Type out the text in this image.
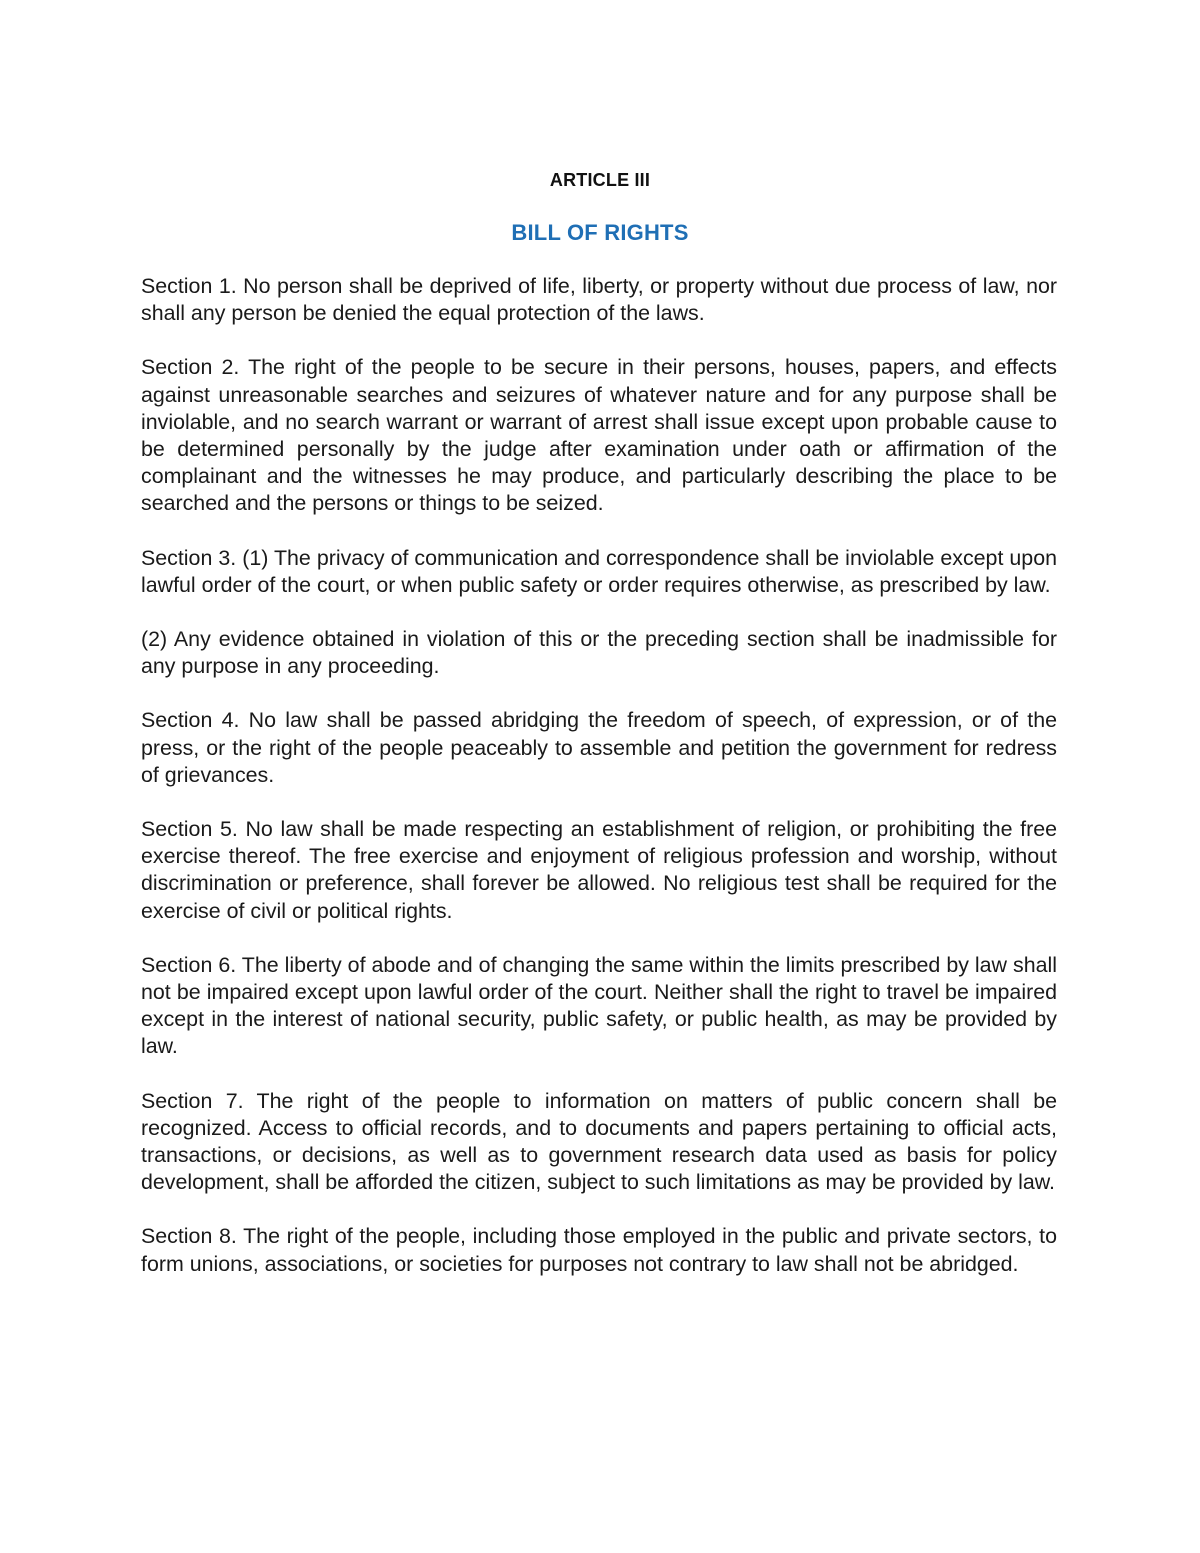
ARTICLE III
BILL OF RIGHTS

Section 1. No person shall be deprived of life, liberty, or property without due process of law, nor shall any person be denied the equal protection of the laws.

Section 2. The right of the people to be secure in their persons, houses, papers, and effects against unreasonable searches and seizures of whatever nature and for any purpose shall be inviolable, and no search warrant or warrant of arrest shall issue except upon probable cause to be determined personally by the judge after examination under oath or affirmation of the complainant and the witnesses he may produce, and particularly describing the place to be searched and the persons or things to be seized.

Section 3. (1) The privacy of communication and correspondence shall be inviolable except upon lawful order of the court, or when public safety or order requires otherwise, as prescribed by law.

(2) Any evidence obtained in violation of this or the preceding section shall be inadmissible for any purpose in any proceeding.

Section 4. No law shall be passed abridging the freedom of speech, of expression, or of the press, or the right of the people peaceably to assemble and petition the government for redress of grievances.

Section 5. No law shall be made respecting an establishment of religion, or prohibiting the free exercise thereof. The free exercise and enjoyment of religious profession and worship, without discrimination or preference, shall forever be allowed. No religious test shall be required for the exercise of civil or political rights.

Section 6. The liberty of abode and of changing the same within the limits prescribed by law shall not be impaired except upon lawful order of the court. Neither shall the right to travel be impaired except in the interest of national security, public safety, or public health, as may be provided by law.

Section 7. The right of the people to information on matters of public concern shall be recognized. Access to official records, and to documents and papers pertaining to official acts, transactions, or decisions, as well as to government research data used as basis for policy development, shall be afforded the citizen, subject to such limitations as may be provided by law.

Section 8. The right of the people, including those employed in the public and private sectors, to form unions, associations, or societies for purposes not contrary to law shall not be abridged.
